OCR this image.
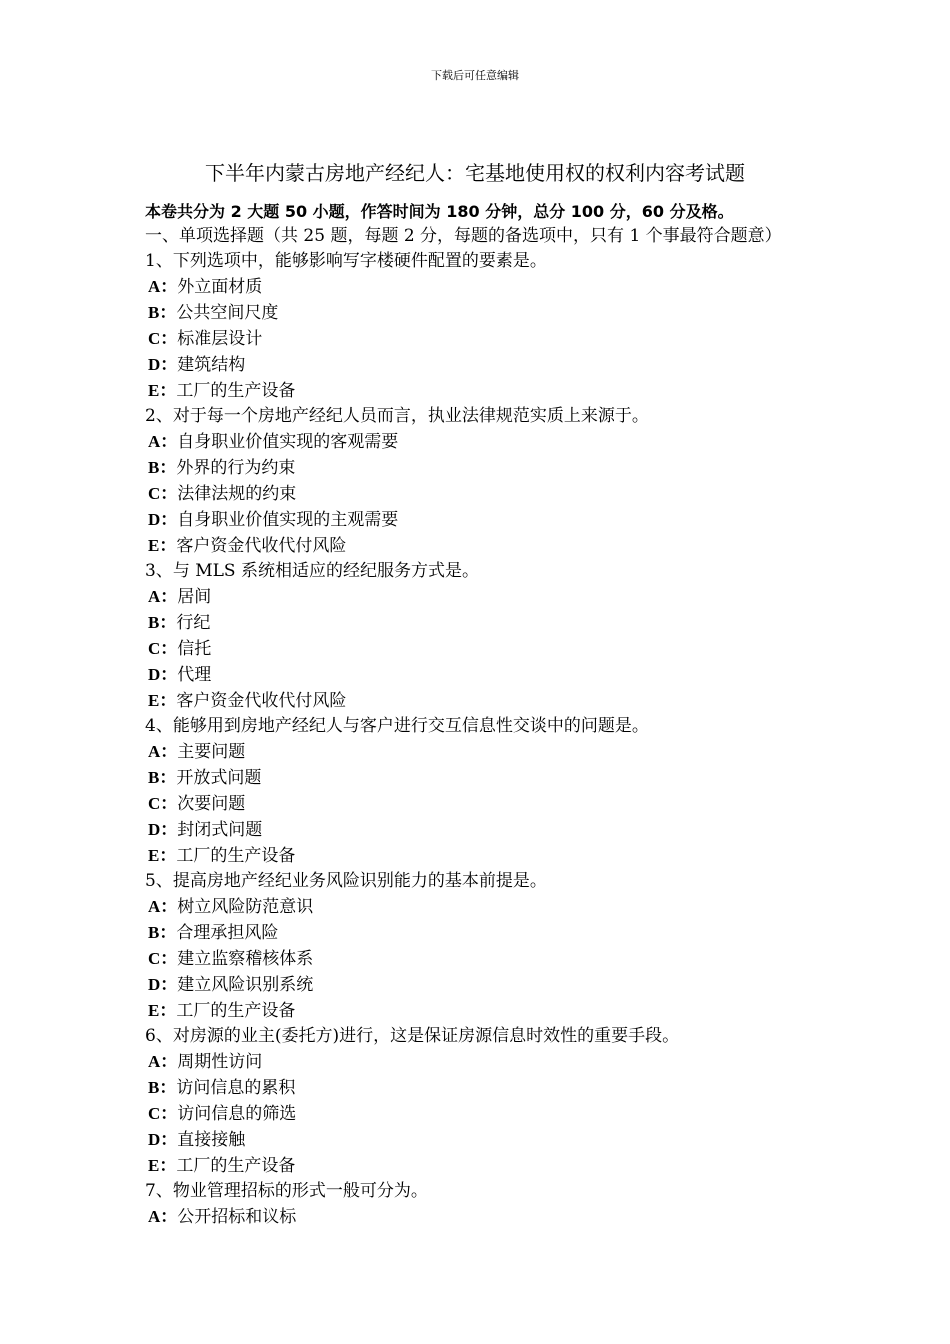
下载后可任意编辑
下半年内蒙古房地产经纪人：宅基地使用权的权利内容考试题
本卷共分为 2 大题 50 小题，作答时间为 180 分钟，总分 100 分，60 分及格。

一、单项选择题（共 25 题，每题 2 分，每题的备选项中，只有 1 个事最符合题意）

1、下列选项中，能够影响写字楼硬件配置的要素是。

A：外立面材质

B：公共空间尺度

C：标准层设计

D：建筑结构

E：工厂的生产设备

2、对于每一个房地产经纪人员而言，执业法律规范实质上来源于。

A：自身职业价值实现的客观需要

B：外界的行为约束

C：法律法规的约束

D：自身职业价值实现的主观需要

E：客户资金代收代付风险

3、与 MLS 系统相适应的经纪服务方式是。

A：居间

B：行纪

C：信托

D：代理

E：客户资金代收代付风险

4、能够用到房地产经纪人与客户进行交互信息性交谈中的问题是。

A：主要问题

B：开放式问题

C：次要问题

D：封闭式问题

E：工厂的生产设备

5、提高房地产经纪业务风险识别能力的基本前提是。

A：树立风险防范意识

B：合理承担风险

C：建立监察稽核体系

D：建立风险识别系统

E：工厂的生产设备

6、对房源的业主(委托方)进行，这是保证房源信息时效性的重要手段。

A：周期性访问

B：访问信息的累积

C：访问信息的筛选

D：直接接触

E：工厂的生产设备

7、物业管理招标的形式一般可分为。

A：公开招标和议标
